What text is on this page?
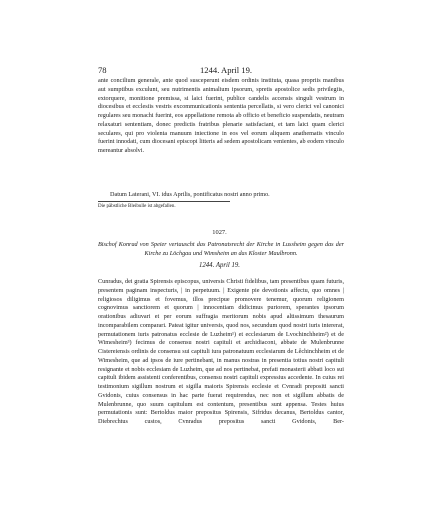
78	1244. April 19.

ante concilium generale, ante quod susceperunt eisdem ordinis instituta, quasa propriis manibus aut sumptibus exculunt, seu nutrimentis animalium ipsorum, spretis apostolice sedis privilegiis, extorquere, monitione premissa, si laici fuerint, publice candelis accensis singuli vestrum in diocesibus et ecclesiis vestris excommunicationis sententia percellatis, si vero clerici vel canonici regulares seu monachi fuerint, eos appellatione remota ab officio et beneficio suspendatis, neutram relaxaturi sententiam, donec predictis fratribus plenarie satisfaciant, et tam laici quam clerici seculares, qui pro violenta manuum iniectione in eos vel eorum aliquem anathematis vinculo fuerint innodati, cum diocesani episcopi litteris ad sedem apostolicam venientes, ab eodem vinculo mereantur absolvi.

Datum Laterani, VI. idus Aprilis, pontificatus nostri anno primo.
Die päbstliche Bleibulle ist abgefallen.
1027.

Bischof Konrad von Speier vertauscht das Patronatsrecht der Kirche in Lussheim gegen das der Kirche zu Löchgau und Wimsheim an das Kloster Maulbronn.

1244. April 19.

Cunradus, dei gratia Spirensis episcopus, universis Christi fidelibus, tam presentibus quam futuris, presentem paginam inspecturis, | in perpetuum. | Exigente pie devotionis affectu, quo omnes | religiosos diligimus et fovemus, illos precipue promovere tenemur, quorum religionem cognovimus sanctiorem et quorum | innocentiam didicimus puriorem, sperantes ipsorum orationibus adiuvari et per eorum suffragia meritorum nobis apud altissimum thesaurum incomparabilem comparari. Pateat igitur universis, quod nos, secundum quod nostri iuris intererat, permutationem iuris patronatus ecclesie de Luzheim¹) et ecclesiarum de Lvochinchheim²) et de Wimesheim³) fecimus de consensu nostri capituli et archidiaconi, abbate de Mulenbrunne Cistereiensis ordinis de consensu sui capituli iura patronatuum ecclesiarum de Lêchinchheim et de Wimesheim, que ad ipsos de iure pertinebant, in manus nostras in presentia totius nostri capituli resignante et nobis ecclesiam de Luzheim, que ad nos pertinebat, prefati monasterii abbati loco sui capituli ibidem assistenti conferentibus, consensu nostri capituli expressius accedente. In cuius rei testimonium sigillum nostrum et sigilla maioris Spirensis ecclesie et Cvnradi prepositi sancti Gvidonis, cuius consensus in hac parte fuerat requirendus, nec non et sigillum abbatis de Mulenbrunne, quo suum capitulum est contentum, presentibus sunt appensa. Testes huius permutationis sunt: Bertoldus maior prepositus Spirensis, Sifridus decanus, Bertoldus cantor, Diebrechtus custos, Cvnradus prepositus sancti Gvidonis, Ber-
